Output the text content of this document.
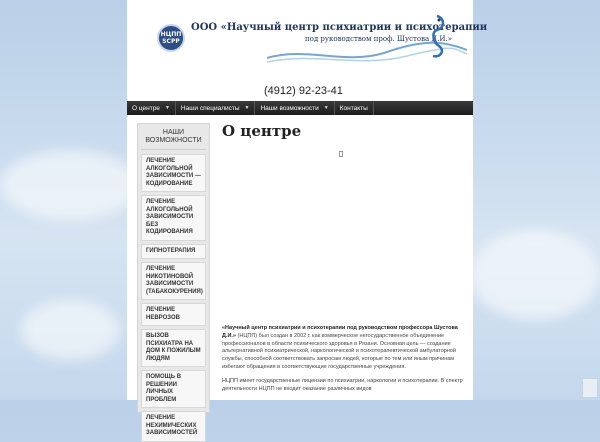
НЦПП
SCPP
ООО «Научный центр психиатрии и психотерапии
под руководством проф. Шустова Д.И.»
(4912) 92-23-41
О центре ▼ Наши специалисты ▼ Наши возможности ▼ Контакты
НАШИ ВОЗМОЖНОСТИ
ЛЕЧЕНИЕ АЛКОГОЛЬНОЙ ЗАВИСИМОСТИ — КОДИРОВАНИЕ
ЛЕЧЕНИЕ АЛКОГОЛЬНОЙ ЗАВИСИМОСТИ БЕЗ КОДИРОВАНИЯ
ГИПНОТЕРАПИЯ
ЛЕЧЕНИЕ НИКОТИНОВОЙ ЗАВИСИМОСТИ (ТАБАКОКУРЕНИЯ)
ЛЕЧЕНИЕ НЕВРОЗОВ
ВЫЗОВ ПСИХИАТРА НА ДОМ К ПОЖИЛЫМ ЛЮДЯМ
ПОМОЩЬ В РЕШЕНИИ ЛИЧНЫХ ПРОБЛЕМ
ЛЕЧЕНИЕ НЕХИМИЧЕСКИХ ЗАВИСИМОСТЕЙ
О центре

«Научный центр психиатрии и психотерапии под руководством профессора Шустова Д.И.» (НЦПП) был создан в 2002 г. как коммерческое негосударственное объединение профессионалов в области психического здоровья в Рязани. Основная цель — создание альтернативной психиатрической, наркологической и психотерапевтической амбулаторной службы, способной соответствовать запросам людей, которые по тем или иным причинам избегают обращения в соответствующие государственные учреждения.

НЦПП имеет государственные лицензии по психиатрии, наркологии и психотерапии. В спектр деятельности НЦПП не входит оказание различных видов
